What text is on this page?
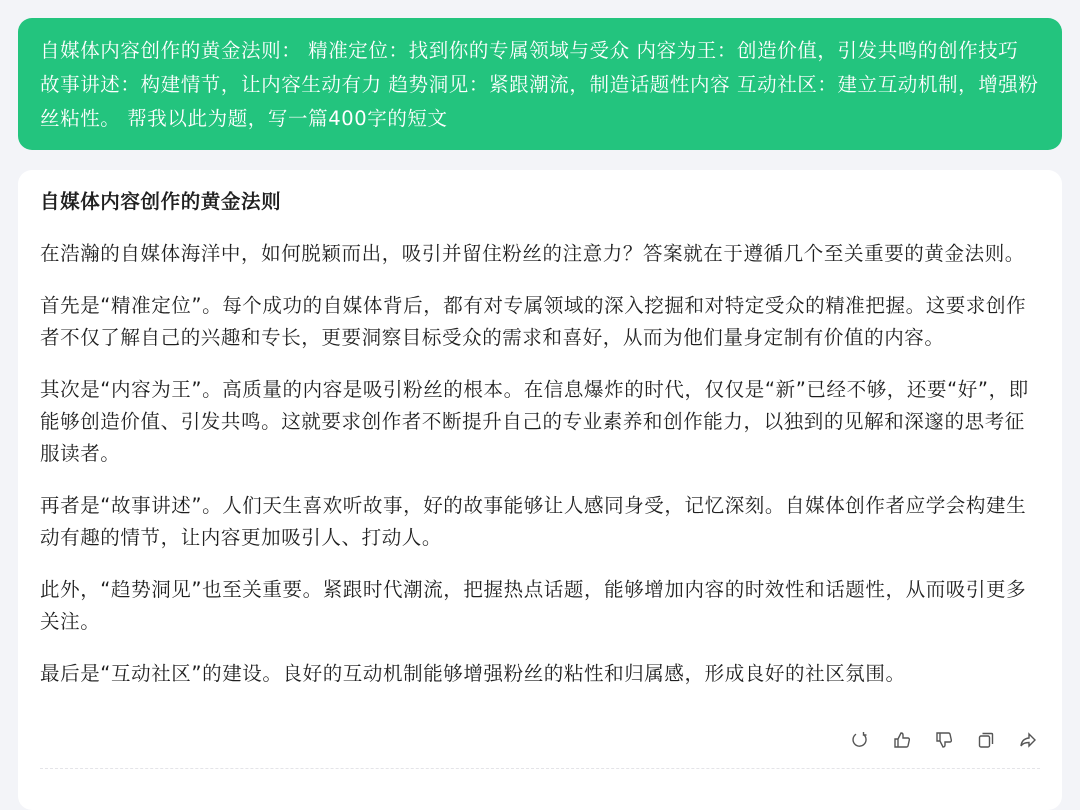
自媒体内容创作的黄金法则： 精准定位：找到你的专属领域与受众 内容为王：创造价值，引发共鸣的创作技巧 故事讲述：构建情节，让内容生动有力 趋势洞见：紧跟潮流，制造话题性内容 互动社区：建立互动机制，增强粉丝粘性。 帮我以此为题，写一篇400字的短文
自媒体内容创作的黄金法则

在浩瀚的自媒体海洋中，如何脱颖而出，吸引并留住粉丝的注意力？答案就在于遵循几个至关重要的黄金法则。

首先是“精准定位”。每个成功的自媒体背后，都有对专属领域的深入挖掘和对特定受众的精准把握。这要求创作者不仅了解自己的兴趣和专长，更要洞察目标受众的需求和喜好，从而为他们量身定制有价值的内容。

其次是“内容为王”。高质量的内容是吸引粉丝的根本。在信息爆炸的时代，仅仅是“新”已经不够，还要“好”，即能够创造价值、引发共鸣。这就要求创作者不断提升自己的专业素养和创作能力，以独到的见解和深邃的思考征服读者。

再者是“故事讲述”。人们天生喜欢听故事，好的故事能够让人感同身受，记忆深刻。自媒体创作者应学会构建生动有趣的情节，让内容更加吸引人、打动人。

此外，“趋势洞见”也至关重要。紧跟时代潮流，把握热点话题，能够增加内容的时效性和话题性，从而吸引更多关注。

最后是“互动社区”的建设。良好的互动机制能够增强粉丝的粘性和归属感，形成良好的社区氛围。
